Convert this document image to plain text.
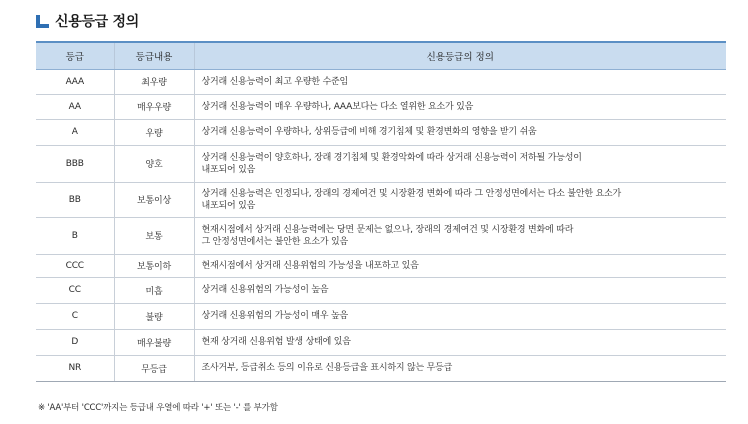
신용등급 정의
등급	등급내용	신용등급의 정의
AAA	최우량	상거래 신용능력이 최고 우량한 수준임

AA	매우우량	상거래 신용능력이 매우 우량하나, AAA보다는 다소 열위한 요소가 있음

A	우량	상거래 신용능력이 우량하나, 상위등급에 비해 경기침체 및 환경변화의 영향을 받기 쉬움

BBB	양호	상거래 신용능력이 양호하나, 장래 경기침체 및 환경악화에 따라 상거래 신용능력이 저하될 가능성이
내포되어 있음

BB	보통이상	상거래 신용능력은 인정되나, 장래의 경제여건 및 시장환경 변화에 따라 그 안정성면에서는 다소 불안한 요소가
내포되어 있음

B	보통	현재시점에서 상거래 신용능력에는 당면 문제는 없으나, 장래의 경제여건 및 시장환경 변화에 따라
그 안정성면에서는 불안한 요소가 있음

CCC	보통이하	현재시점에서 상거래 신용위험의 가능성을 내포하고 있음

CC	미흡	상거래 신용위험의 가능성이 높음

C	불량	상거래 신용위험의 가능성이 매우 높음

D	매우불량	현재 상거래 신용위험 발생 상태에 있음

NR	무등급	조사거부, 등급취소 등의 이유로 신용등급을 표시하지 않는 무등급
※ 'AA'부터 'CCC'까지는 등급내 우열에 따라 '+' 또는 '-' 를 부가함
